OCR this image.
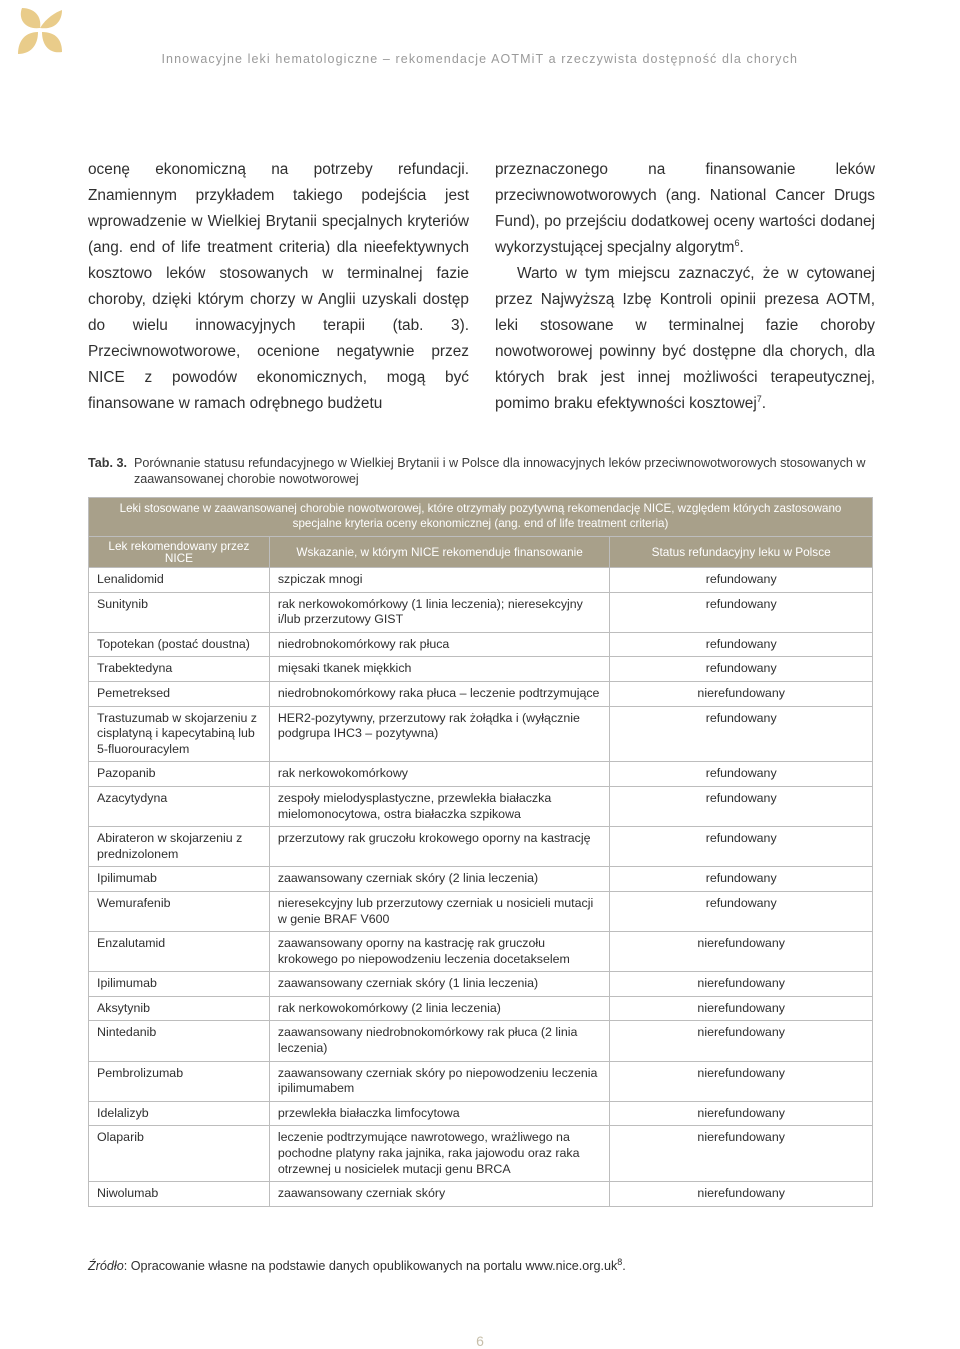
Innowacyjne leki hematologiczne – rekomendacje AOTMiT a rzeczywista dostępność dla chorych

ocenę ekonomiczną na potrzeby refundacji. Znamiennym przykładem takiego podejścia jest wprowadzenie w Wielkiej Brytanii specjalnych kryteriów (ang. end of life treatment criteria) dla nieefektywnych kosztowo leków stosowanych w terminalnej fazie choroby, dzięki którym chorzy w Anglii uzyskali dostęp do wielu innowacyjnych terapii (tab. 3). Przeciwnowotworowe, ocenione negatywnie przez NICE z powodów ekonomicznych, mogą być finansowane w ramach odrębnego budżetu

przeznaczonego na finansowanie leków przeciwnowotworowych (ang. National Cancer Drugs Fund), po przejściu dodatkowej oceny wartości dodanej wykorzystującej specjalny algorytm$^6$.

Warto w tym miejscu zaznaczyć, że w cytowanej przez Najwyższą Izbę Kontroli opinii prezesa AOTM, leki stosowane w terminalnej fazie choroby nowotworowej powinny być dostępne dla chorych, dla których brak jest innej możliwości terapeutycznej, pomimo braku efektywności kosztowej$^7$.

Tab. 3. Porównanie statusu refundacyjnego w Wielkiej Brytanii i w Polsce dla innowacyjnych leków przeciwnowotworowych stosowanych w zaawansowanej chorobie nowotworowej
Leki stosowane w zaawansowanej chorobie nowotworowej, które otrzymały pozytywną rekomendację NICE, względem których zastosowano specjalne kryteria oceny ekonomicznej (ang. end of life treatment criteria)		
Lek rekomendowany przez NICE	Wskazanie, w którym NICE rekomenduje finansowanie	Status refundacyjny leku w Polsce
Lenalidomid	szpiczak mnogi	refundowany
Sunitynib	rak nerkowokomórkowy (1 linia leczenia); nieresekcyjny i/lub przerzutowy GIST	refundowany
Topotekan (postać doustna)	niedrobnokomórkowy rak płuca	refundowany
Trabektedyna	mięsaki tkanek miękkich	refundowany
Pemetreksed	niedrobnokomórkowy raka płuca – leczenie podtrzymujące	nierefundowany
Trastuzumab w skojarzeniu z cisplatyną i kapecytabiną lub 5-fluorouracylem	HER2-pozytywny, przerzutowy rak żołądka i (wyłącznie podgrupa IHC3 – pozytywna)	refundowany
Pazopanib	rak nerkowokomórkowy	refundowany
Azacytydyna	zespoły mielodysplastyczne, przewlekła białaczka mielomonocytowa, ostra białaczka szpikowa	refundowany
Abirateron w skojarzeniu z prednizolonem	przerzutowy rak gruczołu krokowego oporny na kastrację	refundowany
Ipilimumab	zaawansowany czerniak skóry (2 linia leczenia)	refundowany
Wemurafenib	nieresekcyjny lub przerzutowy czerniak u nosicieli mutacji w genie BRAF V600	refundowany
Enzalutamid	zaawansowany oporny na kastrację rak gruczołu krokowego po niepowodzeniu leczenia docetakselem	nierefundowany
Ipilimumab	zaawansowany czerniak skóry (1 linia leczenia)	nierefundowany
Aksytynib	rak nerkowokomórkowy (2 linia leczenia)	nierefundowany
Nintedanib	zaawansowany niedrobnokomórkowy rak płuca (2 linia leczenia)	nierefundowany
Pembrolizumab	zaawansowany czerniak skóry po niepowodzeniu leczenia ipilimumabem	nierefundowany
Idelalizyb	przewlekła białaczka limfocytowa	nierefundowany
Olaparib	leczenie podtrzymujące nawrotowego, wrażliwego na pochodne platyny raka jajnika, raka jajowodu oraz raka otrzewnej u nosicielek mutacji genu BRCA	nierefundowany
Niwolumab	zaawansowany czerniak skóry	nierefundowany
Źródło: Opracowanie własne na podstawie danych opublikowanych na portalu $www.nice.org.uk^8$.
6
